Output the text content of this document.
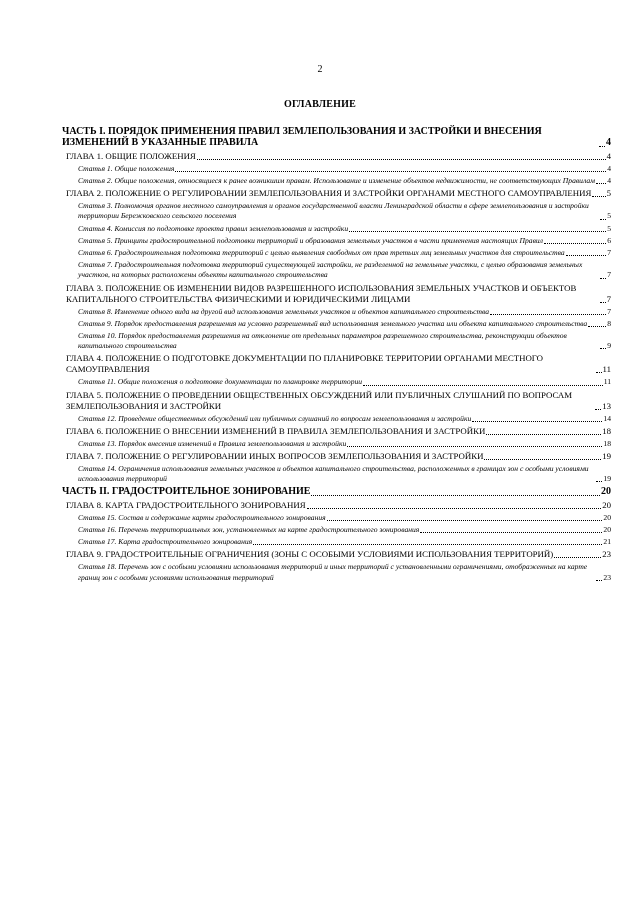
2
ОГЛАВЛЕНИЕ
ЧАСТЬ I. ПОРЯДОК ПРИМЕНЕНИЯ ПРАВИЛ ЗЕМЛЕПОЛЬЗОВАНИЯ И ЗАСТРОЙКИ И ВНЕСЕНИЯ ИЗМЕНЕНИЙ В УКАЗАННЫЕ ПРАВИЛА	4
ГЛАВА 1. ОБЩИЕ ПОЛОЖЕНИЯ	4
Статья 1. Общие положения	4
Статья 2. Общие положения, относящиеся к ранее возникшим правам. Использование и изменение объектов недвижимости, не соответствующих Правилам 4
ГЛАВА 2. ПОЛОЖЕНИЕ О РЕГУЛИРОВАНИИ ЗЕМЛЕПОЛЬЗОВАНИЯ И ЗАСТРОЙКИ ОРГАНАМИ МЕСТНОГО САМОУПРАВЛЕНИЯ 5
Статья 3. Полномочия органов местного самоуправления и органов государственной власти Ленинградской области в сфере землепользования и застройки территории Бережковского сельского поселения	5
Статья 4. Комиссия по подготовке проекта правил землепользования и застройки	5
Статья 5. Принципы градостроительной подготовки территорий и образования земельных участков в части применения настоящих Правил	6
Статья 6. Градостроительная подготовка территорий с целью выявления свободных от прав третьих лиц земельных участков для строительства	7
Статья 7. Градостроительная подготовка территорий существующей застройки, не разделенной на земельные участки, с целью образования земельных участков, на которых расположены объекты капитального строительства	7
ГЛАВА 3. ПОЛОЖЕНИЕ ОБ ИЗМЕНЕНИИ ВИДОВ РАЗРЕШЕННОГО ИСПОЛЬЗОВАНИЯ ЗЕМЕЛЬНЫХ УЧАСТКОВ И ОБЪЕКТОВ КАПИТАЛЬНОГО СТРОИТЕЛЬСТВА ФИЗИЧЕСКИМИ И ЮРИДИЧЕСКИМИ ЛИЦАМИ	7
Статья 8. Изменение одного вида на другой вид использования земельных участков и объектов капитального строительства	7
Статья 9. Порядок предоставления разрешения на условно разрешенный вид использования земельного участка или объекта капитального строительства	8
Статья 10. Порядок предоставления разрешения на отклонение от предельных параметров разрешенного строительства, реконструкции объектов капитального строительства	9
ГЛАВА 4. ПОЛОЖЕНИЕ О ПОДГОТОВКЕ ДОКУМЕНТАЦИИ ПО ПЛАНИРОВКЕ ТЕРРИТОРИИ ОРГАНАМИ МЕСТНОГО САМОУПРАВЛЕНИЯ	11
Статья 11. Общие положения о подготовке документации по планировке территории	11
ГЛАВА 5. ПОЛОЖЕНИЕ О ПРОВЕДЕНИИ ОБЩЕСТВЕННЫХ ОБСУЖДЕНИЙ ИЛИ ПУБЛИЧНЫХ СЛУШАНИЙ ПО ВОПРОСАМ ЗЕМЛЕПОЛЬЗОВАНИЯ И ЗАСТРОЙКИ	13
Статья 12. Проведение общественных обсуждений или публичных слушаний по вопросам землепользования и застройки	14
ГЛАВА 6. ПОЛОЖЕНИЕ О ВНЕСЕНИИ ИЗМЕНЕНИЙ В ПРАВИЛА ЗЕМЛЕПОЛЬЗОВАНИЯ И ЗАСТРОЙКИ	18
Статья 13. Порядок внесения изменений в Правила землепользования и застройки	18
ГЛАВА 7. ПОЛОЖЕНИЕ О РЕГУЛИРОВАНИИ ИНЫХ ВОПРОСОВ ЗЕМЛЕПОЛЬЗОВАНИЯ И ЗАСТРОЙКИ	19
Статья 14. Ограничения использования земельных участков и объектов капитального строительства, расположенных в границах зон с особыми условиями использования территорий	19
ЧАСТЬ II. ГРАДОСТРОИТЕЛЬНОЕ ЗОНИРОВАНИЕ	20
ГЛАВА 8. КАРТА ГРАДОСТРОИТЕЛЬНОГО ЗОНИРОВАНИЯ	20
Статья 15. Состав и содержание карты градостроительного зонирования	20
Статья 16. Перечень территориальных зон, установленных на карте градостроительного зонирования	20
Статья 17. Карта градостроительного зонирования	21
ГЛАВА 9. ГРАДОСТРОИТЕЛЬНЫЕ ОГРАНИЧЕНИЯ (ЗОНЫ С ОСОБЫМИ УСЛОВИЯМИ ИСПОЛЬЗОВАНИЯ ТЕРРИТОРИЙ)	23
Статья 18. Перечень зон с особыми условиями использования территорий и иных территорий с установленными ограничениями, отображенных на карте границ зон с особыми условиями использования территорий	23
